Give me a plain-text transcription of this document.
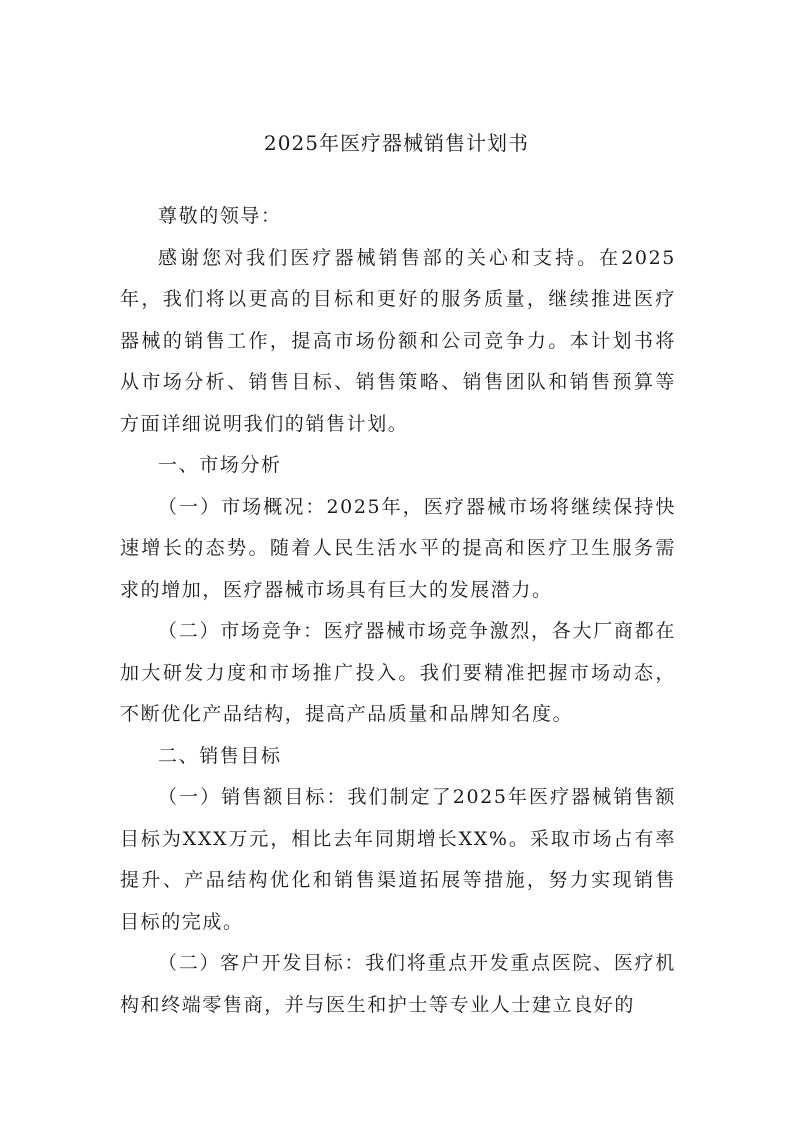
2025年医疗器械销售计划书

尊敬的领导：

感谢您对我们医疗器械销售部的关心和支持。在2025年，我们将以更高的目标和更好的服务质量，继续推进医疗器械的销售工作，提高市场份额和公司竞争力。本计划书将从市场分析、销售目标、销售策略、销售团队和销售预算等方面详细说明我们的销售计划。

一、市场分析

（一）市场概况：2025年，医疗器械市场将继续保持快速增长的态势。随着人民生活水平的提高和医疗卫生服务需求的增加，医疗器械市场具有巨大的发展潜力。

（二）市场竞争：医疗器械市场竞争激烈，各大厂商都在加大研发力度和市场推广投入。我们要精准把握市场动态，不断优化产品结构，提高产品质量和品牌知名度。

二、销售目标

（一）销售额目标：我们制定了2025年医疗器械销售额目标为XXX万元，相比去年同期增长XX%。采取市场占有率提升、产品结构优化和销售渠道拓展等措施，努力实现销售目标的完成。

（二）客户开发目标：我们将重点开发重点医院、医疗机构和终端零售商，并与医生和护士等专业人士建立良好的
